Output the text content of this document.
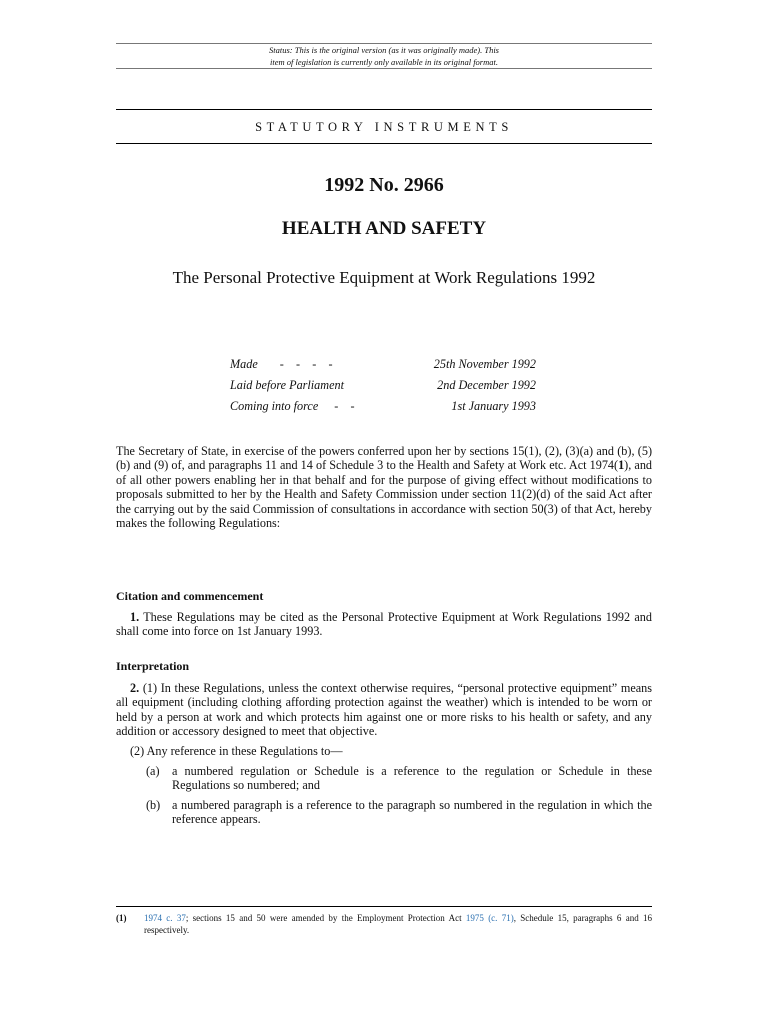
Status: This is the original version (as it was originally made). This
item of legislation is currently only available in its original format.
STATUTORY INSTRUMENTS
1992 No. 2966
HEALTH AND SAFETY
The Personal Protective Equipment at Work Regulations 1992
Made -    -    -    -	25th November 1992
Laid before Parliament	2nd December 1992
Coming into force -    -	1st January 1993
The Secretary of State, in exercise of the powers conferred upon her by sections 15(1), (2), (3)(a) and (b), (5)(b) and (9) of, and paragraphs 11 and 14 of Schedule 3 to the Health and Safety at Work etc. Act 1974(1), and of all other powers enabling her in that behalf and for the purpose of giving effect without modifications to proposals submitted to her by the Health and Safety Commission under section 11(2)(d) of the said Act after the carrying out by the said Commission of consultations in accordance with section 50(3) of that Act, hereby makes the following Regulations:
Citation and commencement
1. These Regulations may be cited as the Personal Protective Equipment at Work Regulations 1992 and shall come into force on 1st January 1993.
Interpretation
2. (1) In these Regulations, unless the context otherwise requires, “personal protective equipment” means all equipment (including clothing affording protection against the weather) which is intended to be worn or held by a person at work and which protects him against one or more risks to his health or safety, and any addition or accessory designed to meet that objective.
(2) Any reference in these Regulations to—
(a)	a numbered regulation or Schedule is a reference to the regulation or Schedule in these Regulations so numbered; and
(b) a numbered paragraph is a reference to the paragraph so numbered in the regulation in which the reference appears.
(1)	1974 c. 37; sections 15 and 50 were amended by the Employment Protection Act 1975 (c. 71), Schedule 15, paragraphs 6 and 16 respectively.
